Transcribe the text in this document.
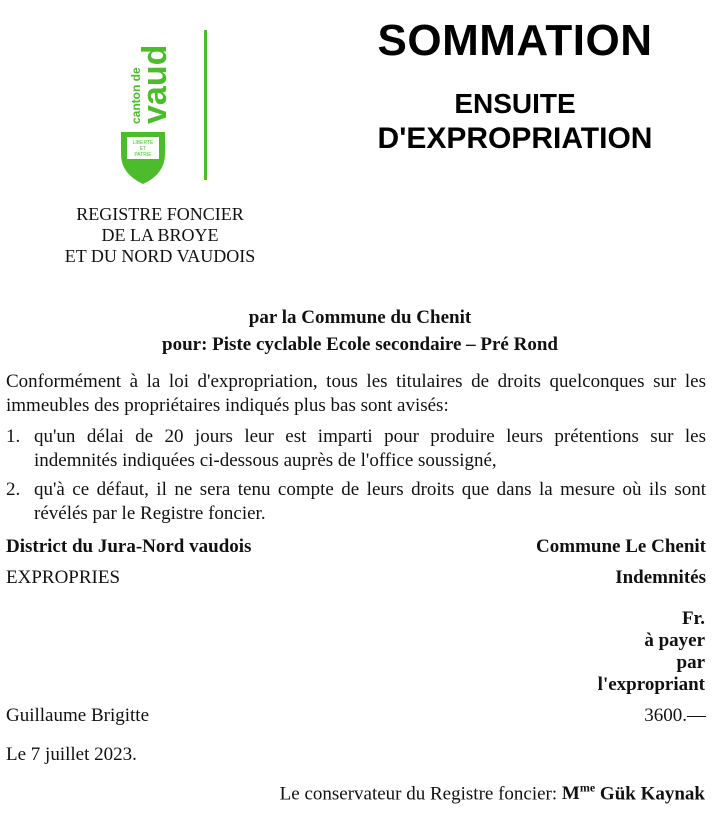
canton de
vaud
LIBERTÉ
ET
PATRIE
SOMMATION
ENSUITE
D'EXPROPRIATION
REGISTRE FONCIER
DE LA BROYE
ET DU NORD VAUDOIS
par la Commune du Chenit
pour: Piste cyclable Ecole secondaire – Pré Rond
Conformément à la loi d'expropriation, tous les titulaires de droits quelconques sur les immeubles des propriétaires indiqués plus bas sont avisés:
1. qu'un délai de 20 jours leur est imparti pour produire leurs prétentions sur les indemnités indiquées ci-dessous auprès de l'office soussigné,
2. qu'à ce défaut, il ne sera tenu compte de leurs droits que dans la mesure où ils sont révélés par le Registre foncier.
District du Jura-Nord vaudois	Commune Le Chenit
EXPROPRIES	Indemnités
Fr.
à payer
par
l'expropriant
Guillaume Brigitte	3600.—
Le 7 juillet 2023.
Le conservateur du Registre foncier: $M^{me}$ Gük Kaynak
